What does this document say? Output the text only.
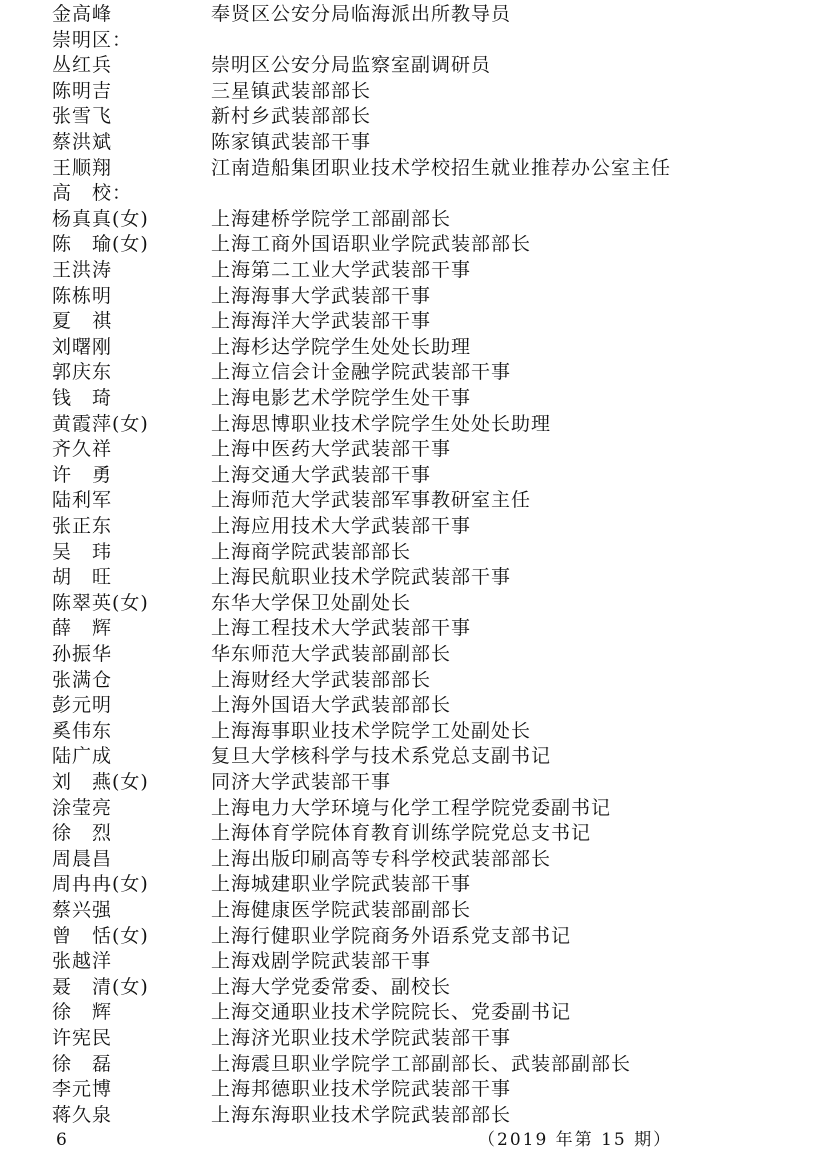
金高峰	奉贤区公安分局临海派出所教导员
崇明区：
丛红兵	崇明区公安分局监察室副调研员
陈明吉	三星镇武装部部长
张雪飞	新村乡武装部部长
蔡洪斌	陈家镇武装部干事
王顺翔	江南造船集团职业技术学校招生就业推荐办公室主任
高　校：
杨真真(女)	上海建桥学院学工部副部长
陈　瑜(女)	上海工商外国语职业学院武装部部长
王洪涛	上海第二工业大学武装部干事
陈栋明	上海海事大学武装部干事
夏　祺	上海海洋大学武装部干事
刘曙刚	上海杉达学院学生处处长助理
郭庆东	上海立信会计金融学院武装部干事
钱　琦	上海电影艺术学院学生处干事
黄霞萍(女)	上海思博职业技术学院学生处处长助理
齐久祥	上海中医药大学武装部干事
许　勇	上海交通大学武装部干事
陆利军	上海师范大学武装部军事教研室主任
张正东	上海应用技术大学武装部干事
吴　玮	上海商学院武装部部长
胡　旺	上海民航职业技术学院武装部干事
陈翠英(女)	东华大学保卫处副处长
薛　辉	上海工程技术大学武装部干事
孙振华	华东师范大学武装部副部长
张满仓	上海财经大学武装部部长
彭元明	上海外国语大学武装部部长
奚伟东	上海海事职业技术学院学工处副处长
陆广成	复旦大学核科学与技术系党总支副书记
刘　燕(女)	同济大学武装部干事
涂莹亮	上海电力大学环境与化学工程学院党委副书记
徐　烈	上海体育学院体育教育训练学院党总支书记
周晨昌	上海出版印刷高等专科学校武装部部长
周冉冉(女)	上海城建职业学院武装部干事
蔡兴强	上海健康医学院武装部副部长
曾　恬(女)	上海行健职业学院商务外语系党支部书记
张越洋	上海戏剧学院武装部干事
聂　清(女)	上海大学党委常委、副校长
徐　辉	上海交通职业技术学院院长、党委副书记
许宪民	上海济光职业技术学院武装部干事
徐　磊	上海震旦职业学院学工部副部长、武装部副部长
李元博	上海邦德职业技术学院武装部干事
蒋久泉	上海东海职业技术学院武装部部长
6	（2019 年第 15 期）
